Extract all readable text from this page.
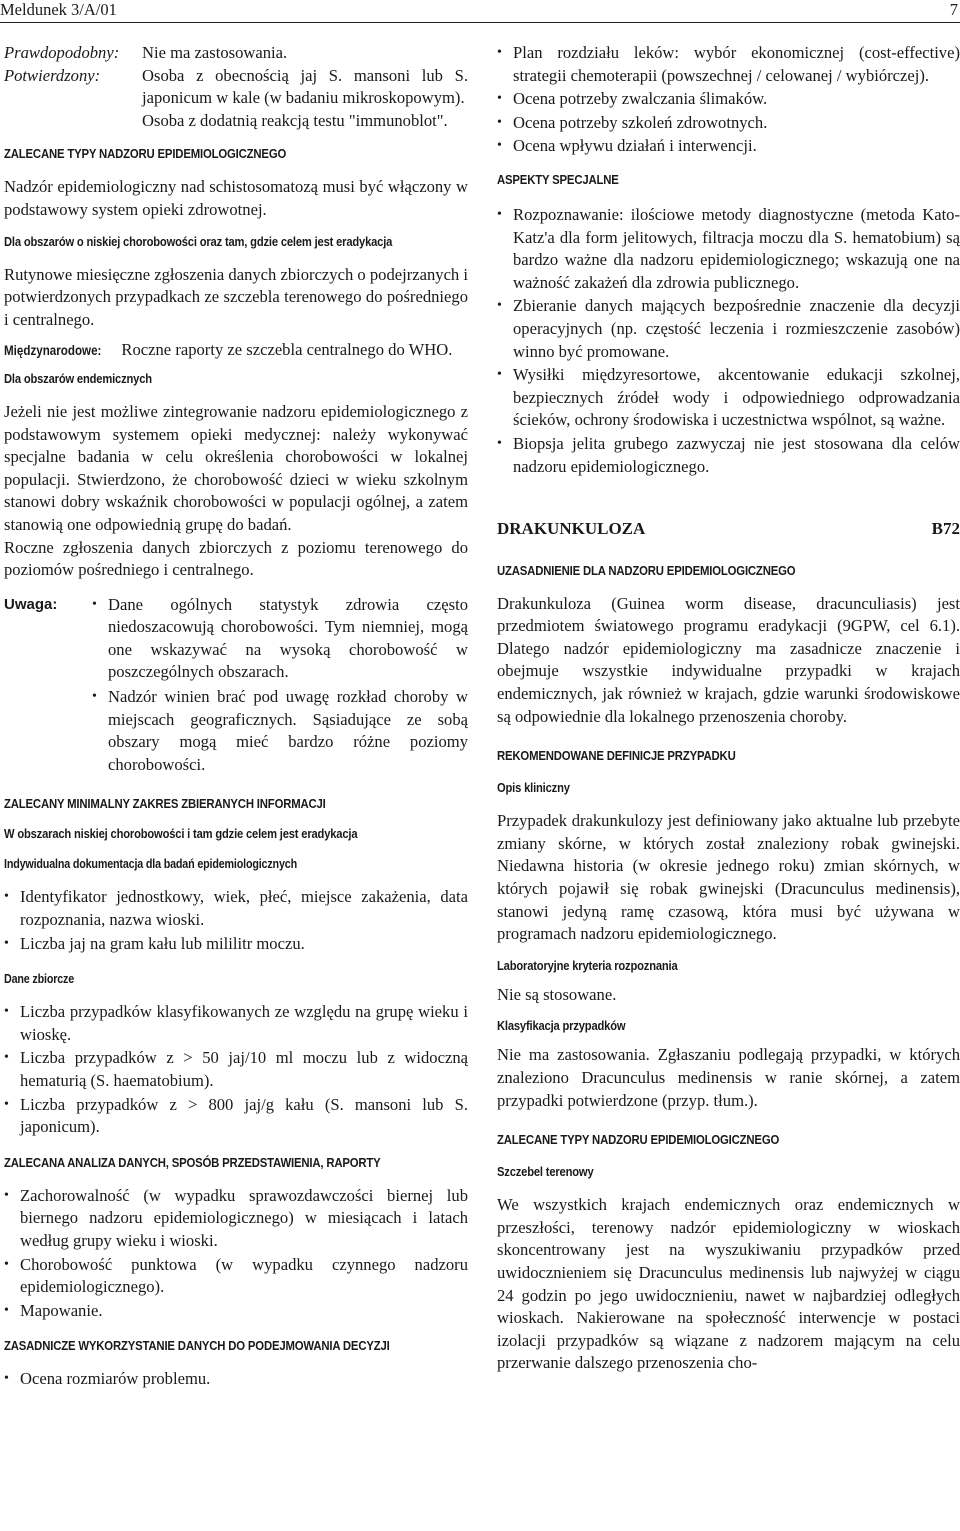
Meldunek 3/A/01	7
Prawdopodobny:	Nie ma zastosowania.
Potwierdzony:	Osoba z obecnością jaj S. mansoni lub S. japonicum w kale (w badaniu mikroskopowym).
Osoba z dodatnią reakcją testu "immunoblot".
ZALECANE TYPY NADZORU EPIDEMIOLOGICZNEGO

Nadzór epidemiologiczny nad schistosomatozą musi być włączony w podstawowy system opieki zdrowotnej.

Dla obszarów o niskiej chorobowości oraz tam, gdzie celem jest eradykacja

Rutynowe miesięczne zgłoszenia danych zbiorczych o podejrzanych i potwierdzonych przypadkach ze szczebla terenowego do pośredniego i centralnego.

Międzynarodowe: Roczne raporty ze szczebla centralnego do WHO.

Dla obszarów endemicznych

Jeżeli nie jest możliwe zintegrowanie nadzoru epidemiologicznego z podstawowym systemem opieki medycznej: należy wykonywać specjalne badania w celu określenia chorobowości w lokalnej populacji. Stwierdzono, że chorobowość dzieci w wieku szkolnym stanowi dobry wskaźnik chorobowości w populacji ogólnej, a zatem stanowią one odpowiednią grupę do badań.

Roczne zgłoszenia danych zbiorczych z poziomu terenowego do poziomów pośredniego i centralnego.

Uwaga:
•	Dane ogólnych statystyk zdrowia często niedoszacowują chorobowości. Tym niemniej, mogą one wskazywać na wysoką chorobowość w poszczególnych obszarach.
• Nadzór winien brać pod uwagę rozkład choroby w miejscach geograficznych. Sąsiadujące ze sobą obszary mogą mieć bardzo różne poziomy chorobowości.
ZALECANY MINIMALNY ZAKRES ZBIERANYCH INFORMACJI
W obszarach niskiej chorobowości i tam gdzie celem jest eradykacja
Indywidualna dokumentacja dla badań epidemiologicznych
• Identyfikator jednostkowy, wiek, płeć, miejsce zakażenia, data rozpoznania, nazwa wioski.
• Liczba jaj na gram kału lub mililitr moczu.
Dane zbiorcze
• Liczba przypadków klasyfikowanych ze względu na grupę wieku i wioskę.
• Liczba przypadków z > 50 jaj/10 ml moczu lub z widoczną hematurią (S. haematobium).
• Liczba przypadków z > 800 jaj/g kału (S. mansoni lub S. japonicum).
ZALECANA ANALIZA DANYCH, SPOSÓB PRZEDSTAWIENIA, RAPORTY
• Zachorowalność (w wypadku sprawozdawczości biernej lub biernego nadzoru epidemiologicznego) w miesiącach i latach według grupy wieku i wioski.
• Chorobowość punktowa (w wypadku czynnego nadzoru epidemiologicznego).
• Mapowanie.
ZASADNICZE WYKORZYSTANIE DANYCH DO PODEJMOWANIA DECYZJI
• Ocena rozmiarów problemu.
• Plan rozdziału leków: wybór ekonomicznej (cost-effective) strategii chemoterapii (powszechnej / celowanej / wybiórczej).
• Ocena potrzeby zwalczania ślimaków.
• Ocena potrzeby szkoleń zdrowotnych.
• Ocena wpływu działań i interwencji.
ASPEKTY SPECJALNE
• Rozpoznawanie: ilościowe metody diagnostyczne (metoda Kato-Katz'a dla form jelitowych, filtracja moczu dla S. hematobium) są bardzo ważne dla nadzoru epidemiologicznego; wskazują one na ważność zakażeń dla zdrowia publicznego.
• Zbieranie danych mających bezpośrednie znaczenie dla decyzji operacyjnych (np. częstość leczenia i rozmieszczenie zasobów) winno być promowane.
• Wysiłki międzyresortowe, akcentowanie edukacji szkolnej, bezpiecznych źródeł wody i odpowiedniego odprowadzania ścieków, ochrony środowiska i uczestnictwa wspólnot, są ważne.
• Biopsja jelita grubego zazwyczaj nie jest stosowana dla celów nadzoru epidemiologicznego.
DRAKUNKULOZA	B72
UZASADNIENIE DLA NADZORU EPIDEMIOLOGICZNEGO

Drakunkuloza (Guinea worm disease, dracunculiasis) jest przedmiotem światowego programu eradykacji (9GPW, cel 6.1). Dlatego nadzór epidemiologiczny ma zasadnicze znaczenie i obejmuje wszystkie indywidualne przypadki w krajach endemicznych, jak również w krajach, gdzie warunki środowiskowe są odpowiednie dla lokalnego przenoszenia choroby.

REKOMENDOWANE DEFINICJE PRZYPADKU
Opis kliniczny

Przypadek drakunkulozy jest definiowany jako aktualne lub przebyte zmiany skórne, w których został znaleziony robak gwinejski. Niedawna historia (w okresie jednego roku) zmian skórnych, w których pojawił się robak gwinejski (Dracunculus medinensis), stanowi jedyną ramę czasową, która musi być używana w programach nadzoru epidemiologicznego.

Laboratoryjne kryteria rozpoznania

Nie są stosowane.

Klasyfikacja przypadków

Nie ma zastosowania. Zgłaszaniu podlegają przypadki, w których znaleziono Dracunculus medinensis w ranie skórnej, a zatem przypadki potwierdzone (przyp. tłum.).

ZALECANE TYPY NADZORU EPIDEMIOLOGICZNEGO
Szczebel terenowy

We wszystkich krajach endemicznych oraz endemicznych w przeszłości, terenowy nadzór epidemiologiczny w wioskach skoncentrowany jest na wyszukiwaniu przypadków przed uwidocznieniem się Dracunculus medinensis lub najwyżej w ciągu 24 godzin po jego uwidocznieniu, nawet w najbardziej odległych wioskach. Nakierowane na społeczność interwencje w postaci izolacji przypadków są wiązane z nadzorem mającym na celu przerwanie dalszego przenoszenia cho-
